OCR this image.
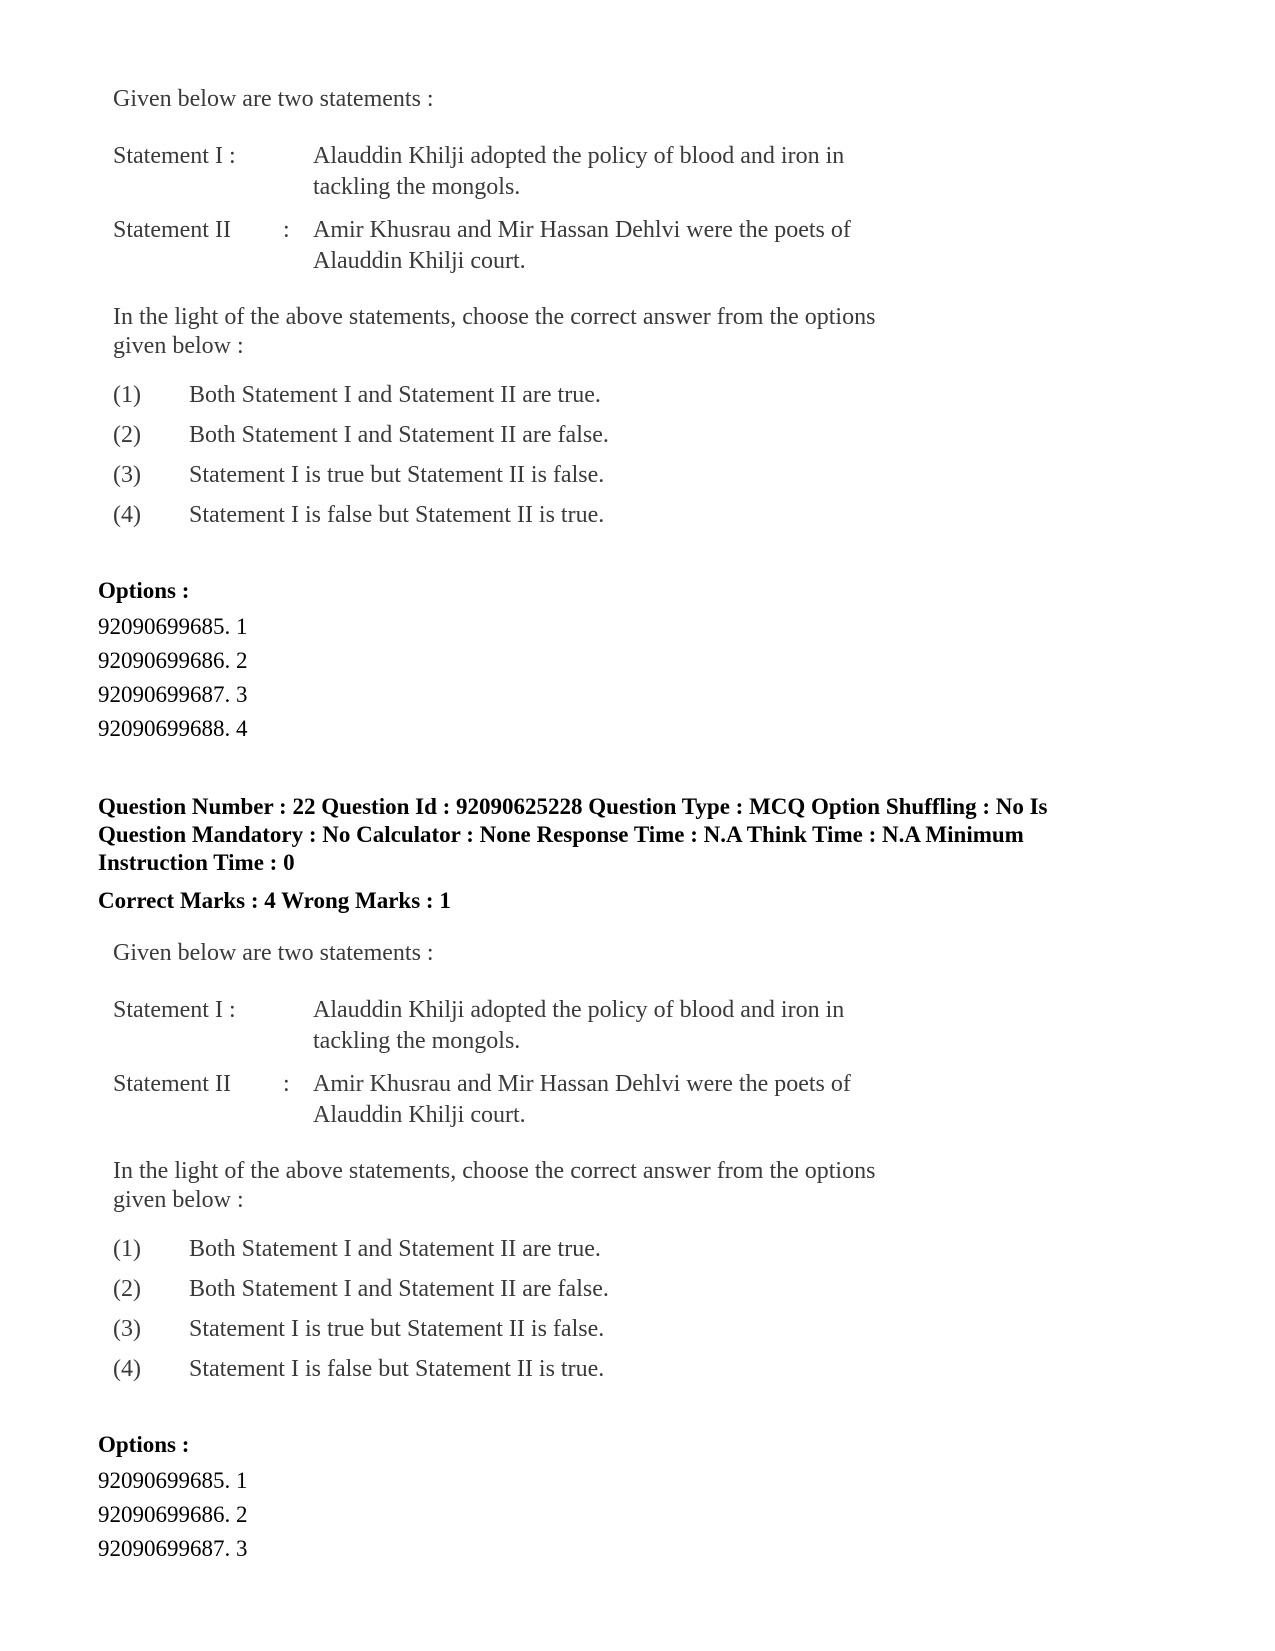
Given below are two statements :

Statement I :	Alauddin Khilji adopted the policy of blood and iron in
tackling the mongols.
Statement II : Amir Khusrau and Mir Hassan Dehlvi were the poets of
Alauddin Khilji court.
In the light of the above statements, choose the correct answer from the options
given below :
(1) Both Statement I and Statement II are true.
(2) Both Statement I and Statement II are false.
(3) Statement I is true but Statement II is false.
(4) Statement I is false but Statement II is true.
Options :
92090699685. 1
92090699686. 2
92090699687. 3
92090699688. 4

Question Number : 22 Question Id : 92090625228 Question Type : MCQ Option Shuffling : No Is

Question Mandatory : No Calculator : None Response Time : N.A Think Time : N.A Minimum

Instruction Time : 0

Correct Marks : 4 Wrong Marks : 1

Given below are two statements :

Statement I :	Alauddin Khilji adopted the policy of blood and iron in
tackling the mongols.
Statement II : Amir Khusrau and Mir Hassan Dehlvi were the poets of
Alauddin Khilji court.
In the light of the above statements, choose the correct answer from the options
given below :
(1) Both Statement I and Statement II are true.
(2) Both Statement I and Statement II are false.
(3) Statement I is true but Statement II is false.
(4) Statement I is false but Statement II is true.
Options :
92090699685. 1
92090699686. 2
92090699687. 3
